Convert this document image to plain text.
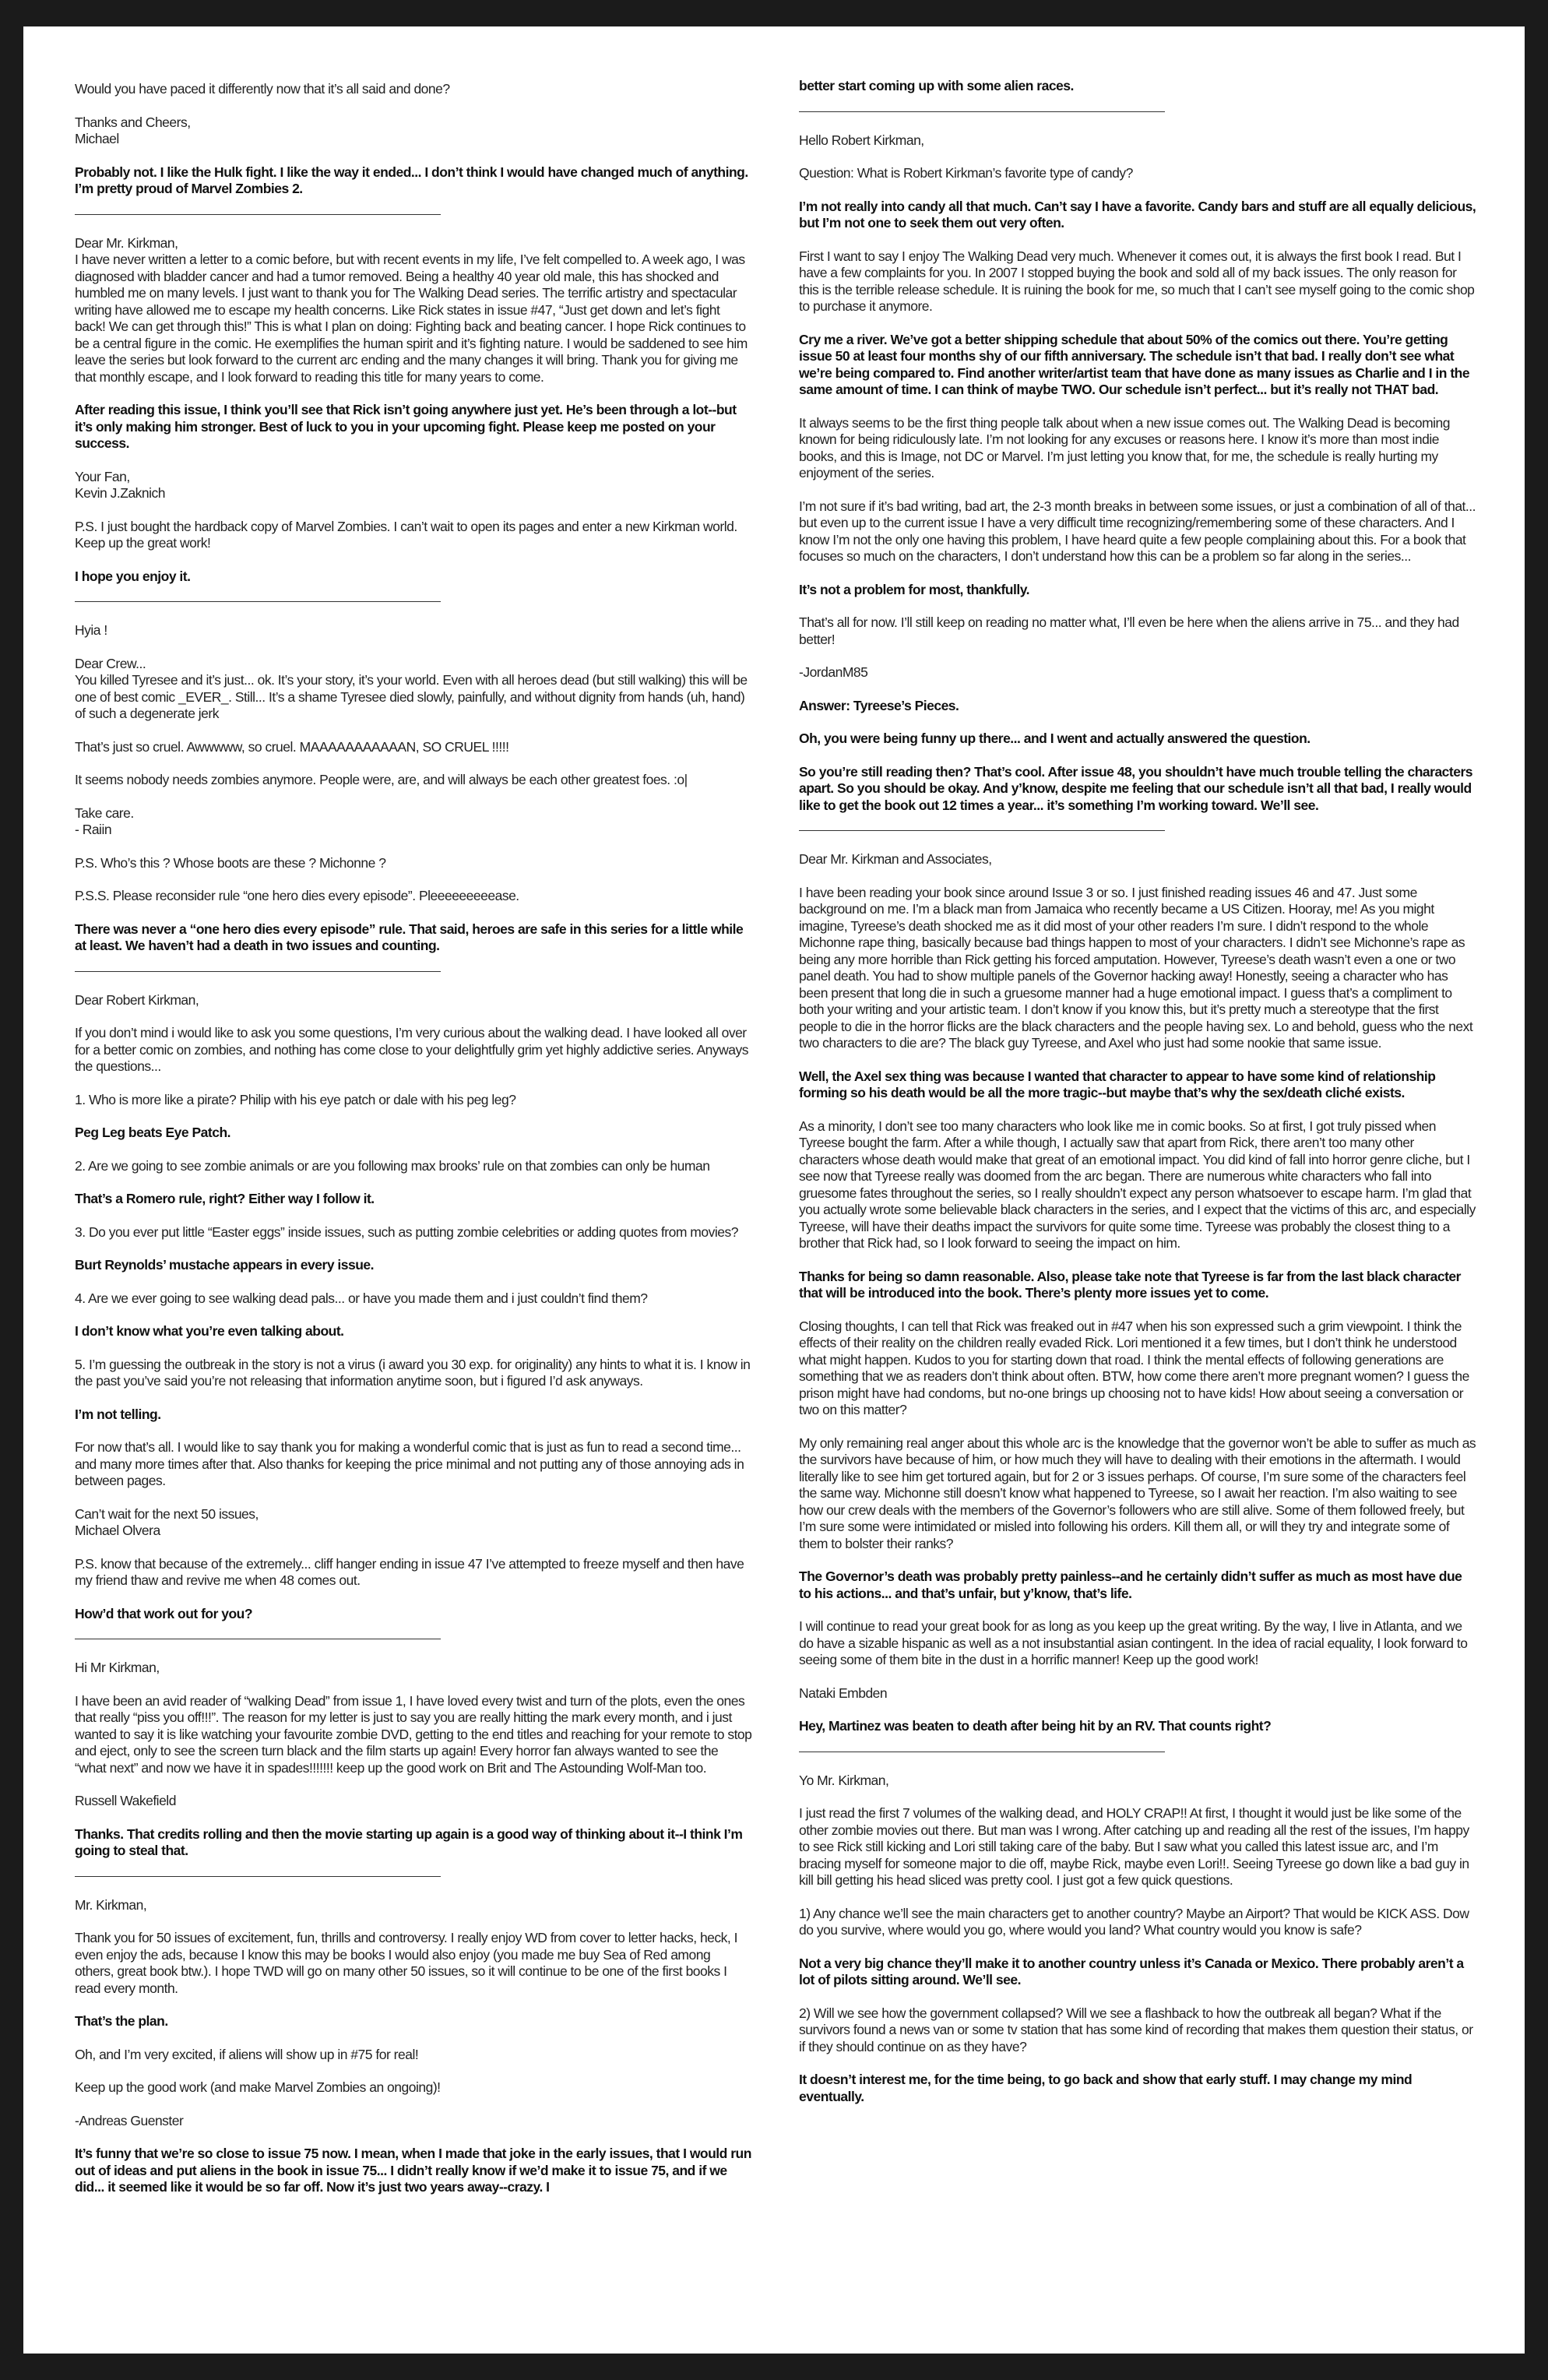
Would you have paced it differently now that it’s all said and done?

Thanks and Cheers,
Michael

Probably not. I like the Hulk fight. I like the way it ended... I don’t think I would have changed much of anything. I’m pretty proud of Marvel Zombies 2.

Dear Mr. Kirkman,
I have never written a letter to a comic before, but with recent events in my life, I’ve felt compelled to. A week ago, I was diagnosed with bladder cancer and had a tumor removed. Being a healthy 40 year old male, this has shocked and humbled me on many levels. I just want to thank you for The Walking Dead series. The terrific artistry and spectacular writing have allowed me to escape my health concerns. Like Rick states in issue #47, “Just get down and let’s fight back! We can get through this!” This is what I plan on doing: Fighting back and beating cancer. I hope Rick continues to be a central figure in the comic. He exemplifies the human spirit and it’s fighting nature. I would be saddened to see him leave the series but look forward to the current arc ending and the many changes it will bring. Thank you for giving me that monthly escape, and I look forward to reading this title for many years to come.

After reading this issue, I think you’ll see that Rick isn’t going anywhere just yet. He’s been through a lot--but it’s only making him stronger. Best of luck to you in your upcoming fight. Please keep me posted on your success.

Your Fan,
Kevin J.Zaknich

P.S. I just bought the hardback copy of Marvel Zombies. I can’t wait to open its pages and enter a new Kirkman world. Keep up the great work!

I hope you enjoy it.

Hyia !

Dear Crew...
You killed Tyresee and it’s just... ok. It’s your story, it’s your world. Even with all heroes dead (but still walking) this will be one of best comic _EVER_. Still... It’s a shame Tyresee died slowly, painfully, and without dignity from hands (uh, hand) of such a degenerate jerk

That’s just so cruel. Awwwww, so cruel. MAAAAAAAAAAAN, SO CRUEL !!!!!

It seems nobody needs zombies anymore. People were, are, and will always be each other greatest foes. :o|

Take care.
- Raiin

P.S. Who’s this ? Whose boots are these ? Michonne ?

P.S.S. Please reconsider rule “one hero dies every episode”. Pleeeeeeeeease.

There was never a “one hero dies every episode” rule. That said, heroes are safe in this series for a little while at least. We haven’t had a death in two issues and counting.

Dear Robert Kirkman,

If you don’t mind i would like to ask you some questions, I’m very curious about the walking dead. I have looked all over for a better comic on zombies, and nothing has come close to your delightfully grim yet highly addictive series. Anyways the questions...

1. Who is more like a pirate? Philip with his eye patch or dale with his peg leg?

Peg Leg beats Eye Patch.

2. Are we going to see zombie animals or are you following max brooks’ rule on that zombies can only be human

That’s a Romero rule, right? Either way I follow it.

3. Do you ever put little “Easter eggs” inside issues, such as putting zombie celebrities or adding quotes from movies?

Burt Reynolds’ mustache appears in every issue.

4. Are we ever going to see walking dead pals... or have you made them and i just couldn’t find them?

I don’t know what you’re even talking about.

5. I’m guessing the outbreak in the story is not a virus (i award you 30 exp. for originality) any hints to what it is. I know in the past you’ve said you’re not releasing that information anytime soon, but i figured I’d ask anyways.

I’m not telling.

For now that’s all. I would like to say thank you for making a wonderful comic that is just as fun to read a second time... and many more times after that. Also thanks for keeping the price minimal and not putting any of those annoying ads in between pages.

Can’t wait for the next 50 issues,
Michael Olvera

P.S. know that because of the extremely... cliff hanger ending in issue 47 I’ve attempted to freeze myself and then have my friend thaw and revive me when 48 comes out.

How’d that work out for you?

Hi Mr Kirkman,

I have been an avid reader of “walking Dead” from issue 1, I have loved every twist and turn of the plots, even the ones that really “piss you off!!!”. The reason for my letter is just to say you are really hitting the mark every month, and i just wanted to say it is like watching your favourite zombie DVD, getting to the end titles and reaching for your remote to stop and eject, only to see the screen turn black and the film starts up again! Every horror fan always wanted to see the “what next” and now we have it in spades!!!!!!! keep up the good work on Brit and The Astounding Wolf-Man too.

Russell Wakefield

Thanks. That credits rolling and then the movie starting up again is a good way of thinking about it--I think I’m going to steal that.

Mr. Kirkman,

Thank you for 50 issues of excitement, fun, thrills and controversy. I really enjoy WD from cover to letter hacks, heck, I even enjoy the ads, because I know this may be books I would also enjoy (you made me buy Sea of Red among others, great book btw.). I hope TWD will go on many other 50 issues, so it will continue to be one of the first books I read every month.

That’s the plan.

Oh, and I’m very excited, if aliens will show up in #75 for real!

Keep up the good work (and make Marvel Zombies an ongoing)!

-Andreas Guenster

It’s funny that we’re so close to issue 75 now. I mean, when I made that joke in the early issues, that I would run out of ideas and put aliens in the book in issue 75... I didn’t really know if we’d make it to issue 75, and if we did... it seemed like it would be so far off. Now it’s just two years away--crazy. I

better start coming up with some alien races.

Hello Robert Kirkman,

Question: What is Robert Kirkman’s favorite type of candy?

I’m not really into candy all that much. Can’t say I have a favorite. Candy bars and stuff are all equally delicious, but I’m not one to seek them out very often.

First I want to say I enjoy The Walking Dead very much. Whenever it comes out, it is always the first book I read. But I have a few complaints for you. In 2007 I stopped buying the book and sold all of my back issues. The only reason for this is the terrible release schedule. It is ruining the book for me, so much that I can’t see myself going to the comic shop to purchase it anymore.

Cry me a river. We’ve got a better shipping schedule that about 50% of the comics out there. You’re getting issue 50 at least four months shy of our fifth anniversary. The schedule isn’t that bad. I really don’t see what we’re being compared to. Find another writer/artist team that have done as many issues as Charlie and I in the same amount of time. I can think of maybe TWO. Our schedule isn’t perfect... but it’s really not THAT bad.

It always seems to be the first thing people talk about when a new issue comes out. The Walking Dead is becoming known for being ridiculously late. I’m not looking for any excuses or reasons here. I know it’s more than most indie books, and this is Image, not DC or Marvel. I’m just letting you know that, for me, the schedule is really hurting my enjoyment of the series.

I’m not sure if it’s bad writing, bad art, the 2-3 month breaks in between some issues, or just a combination of all of that... but even up to the current issue I have a very difficult time recognizing/remembering some of these characters. And I know I’m not the only one having this problem, I have heard quite a few people complaining about this. For a book that focuses so much on the characters, I don’t understand how this can be a problem so far along in the series...

It’s not a problem for most, thankfully.

That’s all for now. I’ll still keep on reading no matter what, I’ll even be here when the aliens arrive in 75... and they had better!

-JordanM85

Answer: Tyreese’s Pieces.

Oh, you were being funny up there... and I went and actually answered the question.

So you’re still reading then? That’s cool. After issue 48, you shouldn’t have much trouble telling the characters apart. So you should be okay. And y’know, despite me feeling that our schedule isn’t all that bad, I really would like to get the book out 12 times a year... it’s something I’m working toward. We’ll see.

Dear Mr. Kirkman and Associates,

I have been reading your book since around Issue 3 or so. I just finished reading issues 46 and 47. Just some background on me. I’m a black man from Jamaica who recently became a US Citizen. Hooray, me! As you might imagine, Tyreese’s death shocked me as it did most of your other readers I’m sure. I didn’t respond to the whole Michonne rape thing, basically because bad things happen to most of your characters. I didn’t see Michonne’s rape as being any more horrible than Rick getting his forced amputation. However, Tyreese’s death wasn’t even a one or two panel death. You had to show multiple panels of the Governor hacking away! Honestly, seeing a character who has been present that long die in such a gruesome manner had a huge emotional impact. I guess that’s a compliment to both your writing and your artistic team. I don’t know if you know this, but it’s pretty much a stereotype that the first people to die in the horror flicks are the black characters and the people having sex. Lo and behold, guess who the next two characters to die are? The black guy Tyreese, and Axel who just had some nookie that same issue.

Well, the Axel sex thing was because I wanted that character to appear to have some kind of relationship forming so his death would be all the more tragic--but maybe that’s why the sex/death cliché exists.

As a minority, I don’t see too many characters who look like me in comic books. So at first, I got truly pissed when Tyreese bought the farm. After a while though, I actually saw that apart from Rick, there aren’t too many other characters whose death would make that great of an emotional impact. You did kind of fall into horror genre cliche, but I see now that Tyreese really was doomed from the arc began. There are numerous white characters who fall into gruesome fates throughout the series, so I really shouldn’t expect any person whatsoever to escape harm. I’m glad that you actually wrote some believable black characters in the series, and I expect that the victims of this arc, and especially Tyreese, will have their deaths impact the survivors for quite some time. Tyreese was probably the closest thing to a brother that Rick had, so I look forward to seeing the impact on him.

Thanks for being so damn reasonable. Also, please take note that Tyreese is far from the last black character that will be introduced into the book. There’s plenty more issues yet to come.

Closing thoughts, I can tell that Rick was freaked out in #47 when his son expressed such a grim viewpoint. I think the effects of their reality on the children really evaded Rick. Lori mentioned it a few times, but I don’t think he understood what might happen. Kudos to you for starting down that road. I think the mental effects of following generations are something that we as readers don’t think about often. BTW, how come there aren’t more pregnant women? I guess the prison might have had condoms, but no-one brings up choosing not to have kids! How about seeing a conversation or two on this matter?

My only remaining real anger about this whole arc is the knowledge that the governor won’t be able to suffer as much as the survivors have because of him, or how much they will have to dealing with their emotions in the aftermath. I would literally like to see him get tortured again, but for 2 or 3 issues perhaps. Of course, I’m sure some of the characters feel the same way. Michonne still doesn’t know what happened to Tyreese, so I await her reaction. I’m also waiting to see how our crew deals with the members of the Governor’s followers who are still alive. Some of them followed freely, but I’m sure some were intimidated or misled into following his orders. Kill them all, or will they try and integrate some of them to bolster their ranks?

The Governor’s death was probably pretty painless--and he certainly didn’t suffer as much as most have due to his actions... and that’s unfair, but y’know, that’s life.

I will continue to read your great book for as long as you keep up the great writing. By the way, I live in Atlanta, and we do have a sizable hispanic as well as a not insubstantial asian contingent. In the idea of racial equality, I look forward to seeing some of them bite in the dust in a horrific manner! Keep up the good work!

Nataki Embden

Hey, Martinez was beaten to death after being hit by an RV. That counts right?

Yo Mr. Kirkman,

I just read the first 7 volumes of the walking dead, and HOLY CRAP!! At first, I thought it would just be like some of the other zombie movies out there. But man was I wrong. After catching up and reading all the rest of the issues, I’m happy to see Rick still kicking and Lori still taking care of the baby. But I saw what you called this latest issue arc, and I’m bracing myself for someone major to die off, maybe Rick, maybe even Lori!!. Seeing Tyreese go down like a bad guy in kill bill getting his head sliced was pretty cool. I just got a few quick questions.

1) Any chance we’ll see the main characters get to another country? Maybe an Airport? That would be KICK ASS. Dow do you survive, where would you go, where would you land? What country would you know is safe?

Not a very big chance they’ll make it to another country unless it’s Canada or Mexico. There probably aren’t a lot of pilots sitting around. We’ll see.

2) Will we see how the government collapsed? Will we see a flashback to how the outbreak all began? What if the survivors found a news van or some tv station that has some kind of recording that makes them question their status, or if they should continue on as they have?

It doesn’t interest me, for the time being, to go back and show that early stuff. I may change my mind eventually.
